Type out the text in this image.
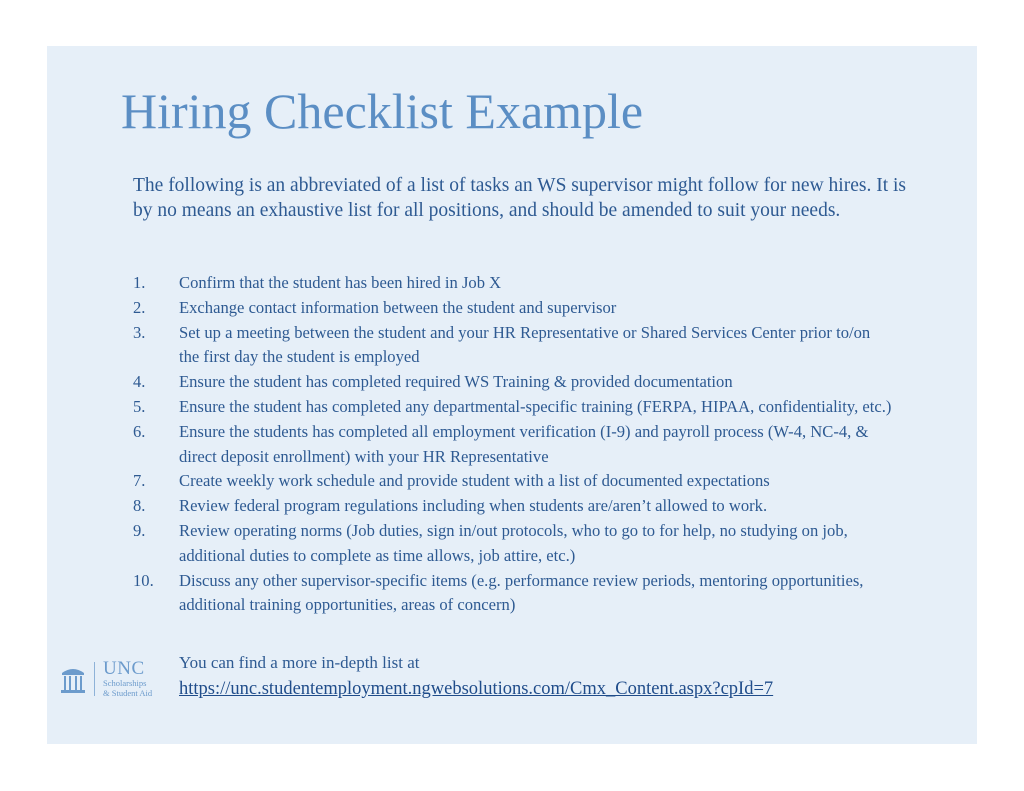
Hiring Checklist Example

The following is an abbreviated of a list of tasks an WS supervisor might follow for new hires. It is by no means an exhaustive list for all positions, and should be amended to suit your needs.

1.	Confirm that the student has been hired in Job X
2.	Exchange contact information between the student and supervisor
3.	Set up a meeting between the student and your HR Representative or Shared Services Center prior to/on the first day the student is employed
4.	Ensure the student has completed required WS Training & provided documentation
5.	Ensure the student has completed any departmental-specific training (FERPA, HIPAA, confidentiality, etc.)
6.	Ensure the students has completed all employment verification (I-9) and payroll process (W-4, NC-4, & direct deposit enrollment) with your HR Representative
7.	Create weekly work schedule and provide student with a list of documented expectations
8.	Review federal program regulations including when students are/aren’t allowed to work.
9.	Review operating norms (Job duties, sign in/out protocols, who to go to for help, no studying on job, additional duties to complete as time allows, job attire, etc.)
10.	Discuss any other supervisor-specific items (e.g. performance review periods, mentoring opportunities, additional training opportunities, areas of concern)
You can find a more in-depth list at
https://unc.studentemployment.ngwebsolutions.com/Cmx_Content.aspx?cpId=7
UNC
Scholarships
& Student Aid
